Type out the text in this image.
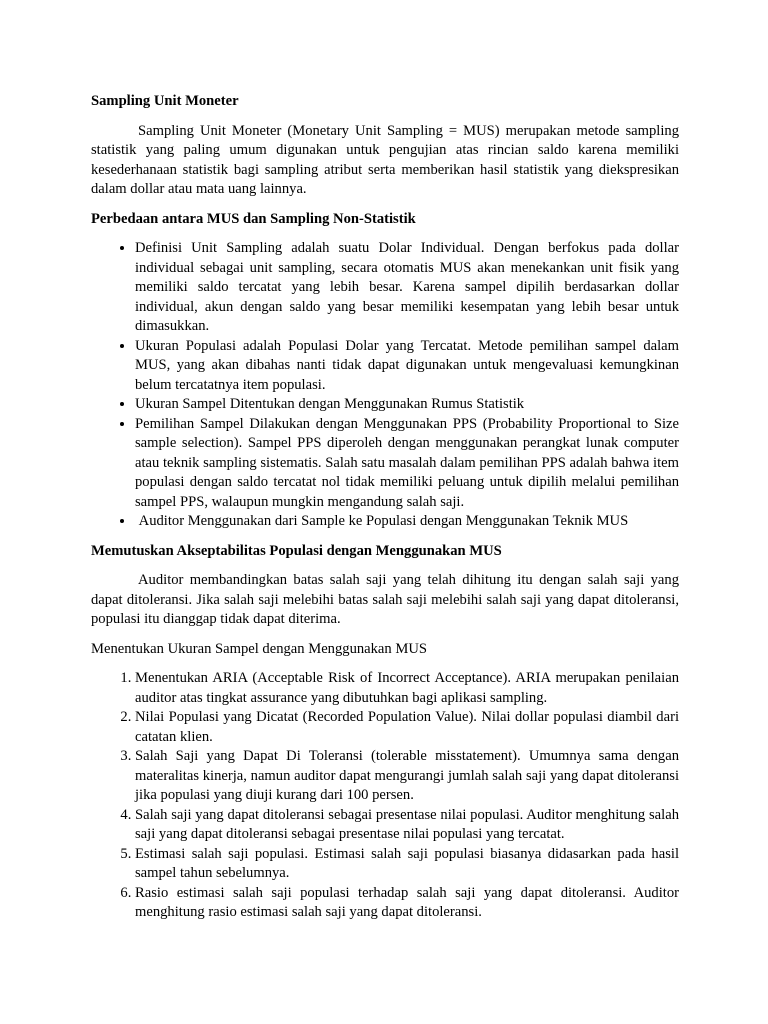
Sampling Unit Moneter

Sampling Unit Moneter (Monetary Unit Sampling = MUS) merupakan metode sampling statistik yang paling umum digunakan untuk pengujian atas rincian saldo karena memiliki kesederhanaan statistik bagi sampling atribut serta memberikan hasil statistik yang diekspresikan dalam dollar atau mata uang lainnya.

Perbedaan antara MUS dan Sampling Non-Statistik
• Definisi Unit Sampling adalah suatu Dolar Individual. Dengan berfokus pada dollar individual sebagai unit sampling, secara otomatis MUS akan menekankan unit fisik yang memiliki saldo tercatat yang lebih besar. Karena sampel dipilih berdasarkan dollar individual, akun dengan saldo yang besar memiliki kesempatan yang lebih besar untuk dimasukkan.
• Ukuran Populasi adalah Populasi Dolar yang Tercatat. Metode pemilihan sampel dalam MUS, yang akan dibahas nanti tidak dapat digunakan untuk mengevaluasi kemungkinan belum tercatatnya item populasi.
• Ukuran Sampel Ditentukan dengan Menggunakan Rumus Statistik
• Pemilihan Sampel Dilakukan dengan Menggunakan PPS (Probability Proportional to Size sample selection). Sampel PPS diperoleh dengan menggunakan perangkat lunak computer atau teknik sampling sistematis. Salah satu masalah dalam pemilihan PPS adalah bahwa item populasi dengan saldo tercatat nol tidak memiliki peluang untuk dipilih melalui pemilihan sampel PPS, walaupun mungkin mengandung salah saji.
•  Auditor Menggunakan dari Sample ke Populasi dengan Menggunakan Teknik MUS
Memutuskan Akseptabilitas Populasi dengan Menggunakan MUS

Auditor membandingkan batas salah saji yang telah dihitung itu dengan salah saji yang dapat ditoleransi. Jika salah saji melebihi batas salah saji melebihi salah saji yang dapat ditoleransi, populasi itu dianggap tidak dapat diterima.

Menentukan Ukuran Sampel dengan Menggunakan MUS
1. Menentukan ARIA (Acceptable Risk of Incorrect Acceptance). ARIA merupakan penilaian auditor atas tingkat assurance yang dibutuhkan bagi aplikasi sampling.
2. Nilai Populasi yang Dicatat (Recorded Population Value). Nilai dollar populasi diambil dari catatan klien.
3. Salah Saji yang Dapat Di Toleransi (tolerable misstatement). Umumnya sama dengan materalitas kinerja, namun auditor dapat mengurangi jumlah salah saji yang dapat ditoleransi jika populasi yang diuji kurang dari 100 persen.
4. Salah saji yang dapat ditoleransi sebagai presentase nilai populasi. Auditor menghitung salah saji yang dapat ditoleransi sebagai presentase nilai populasi yang tercatat.
5. Estimasi salah saji populasi. Estimasi salah saji populasi biasanya didasarkan pada hasil sampel tahun sebelumnya.
6. Rasio estimasi salah saji populasi terhadap salah saji yang dapat ditoleransi. Auditor menghitung rasio estimasi salah saji yang dapat ditoleransi.
